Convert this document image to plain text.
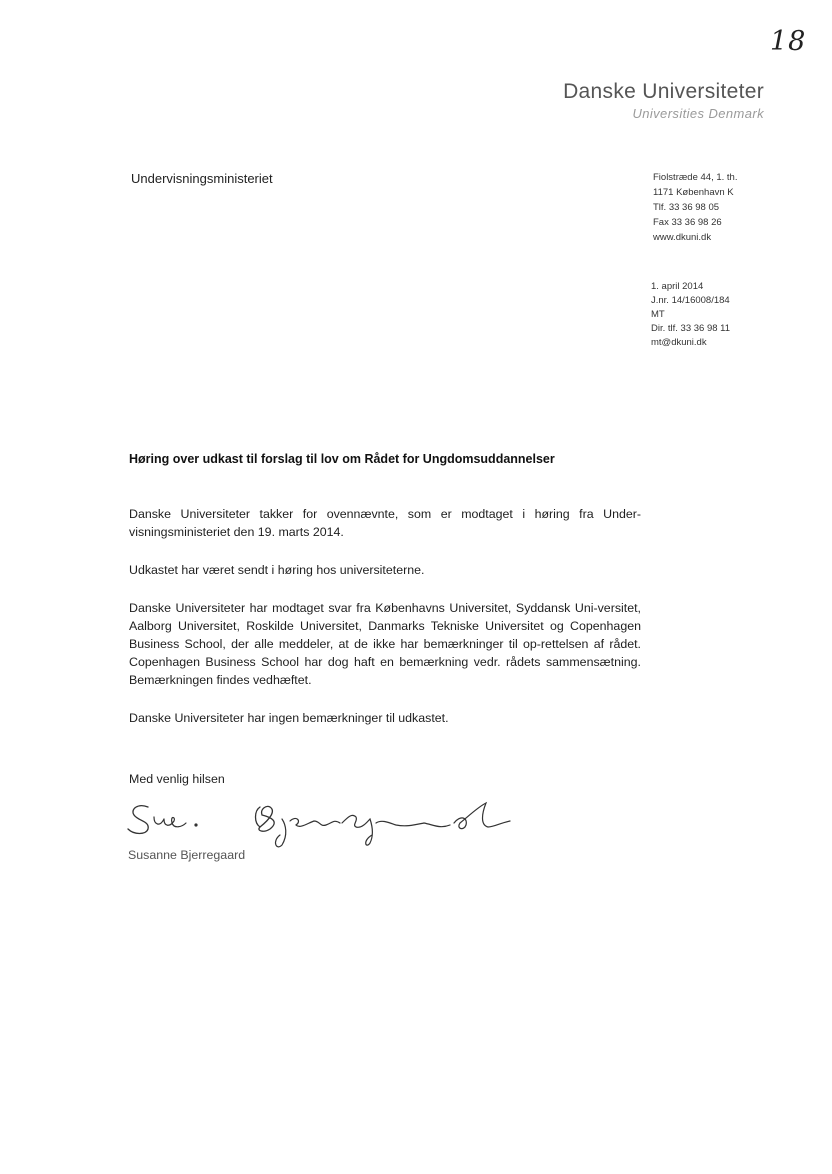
18
Danske Universiteter
Universities Denmark
Undervisningsministeriet	Fiolstræde 44, 1. th.
1171 København K
Tlf. 33 36 98 05
Fax 33 36 98 26
www.dkuni.dk
1. april 2014
J.nr. 14/16008/184
MT
Dir. tlf. 33 36 98 11
mt@dkuni.dk
Høring over udkast til forslag til lov om Rådet for Ungdomsuddannelser

Danske Universiteter takker for ovennævnte, som er modtaget i høring fra Under-visningsministeriet den 19. marts 2014.

Udkastet har været sendt i høring hos universiteterne.

Danske Universiteter har modtaget svar fra Københavns Universitet, Syddansk Uni-versitet, Aalborg Universitet, Roskilde Universitet, Danmarks Tekniske Universitet og Copenhagen Business School, der alle meddeler, at de ikke har bemærkninger til op-rettelsen af rådet. Copenhagen Business School har dog haft en bemærkning vedr. rådets sammensætning. Bemærkningen findes vedhæftet.

Danske Universiteter har ingen bemærkninger til udkastet.

Med venlig hilsen
Susanne Bjerregaard
